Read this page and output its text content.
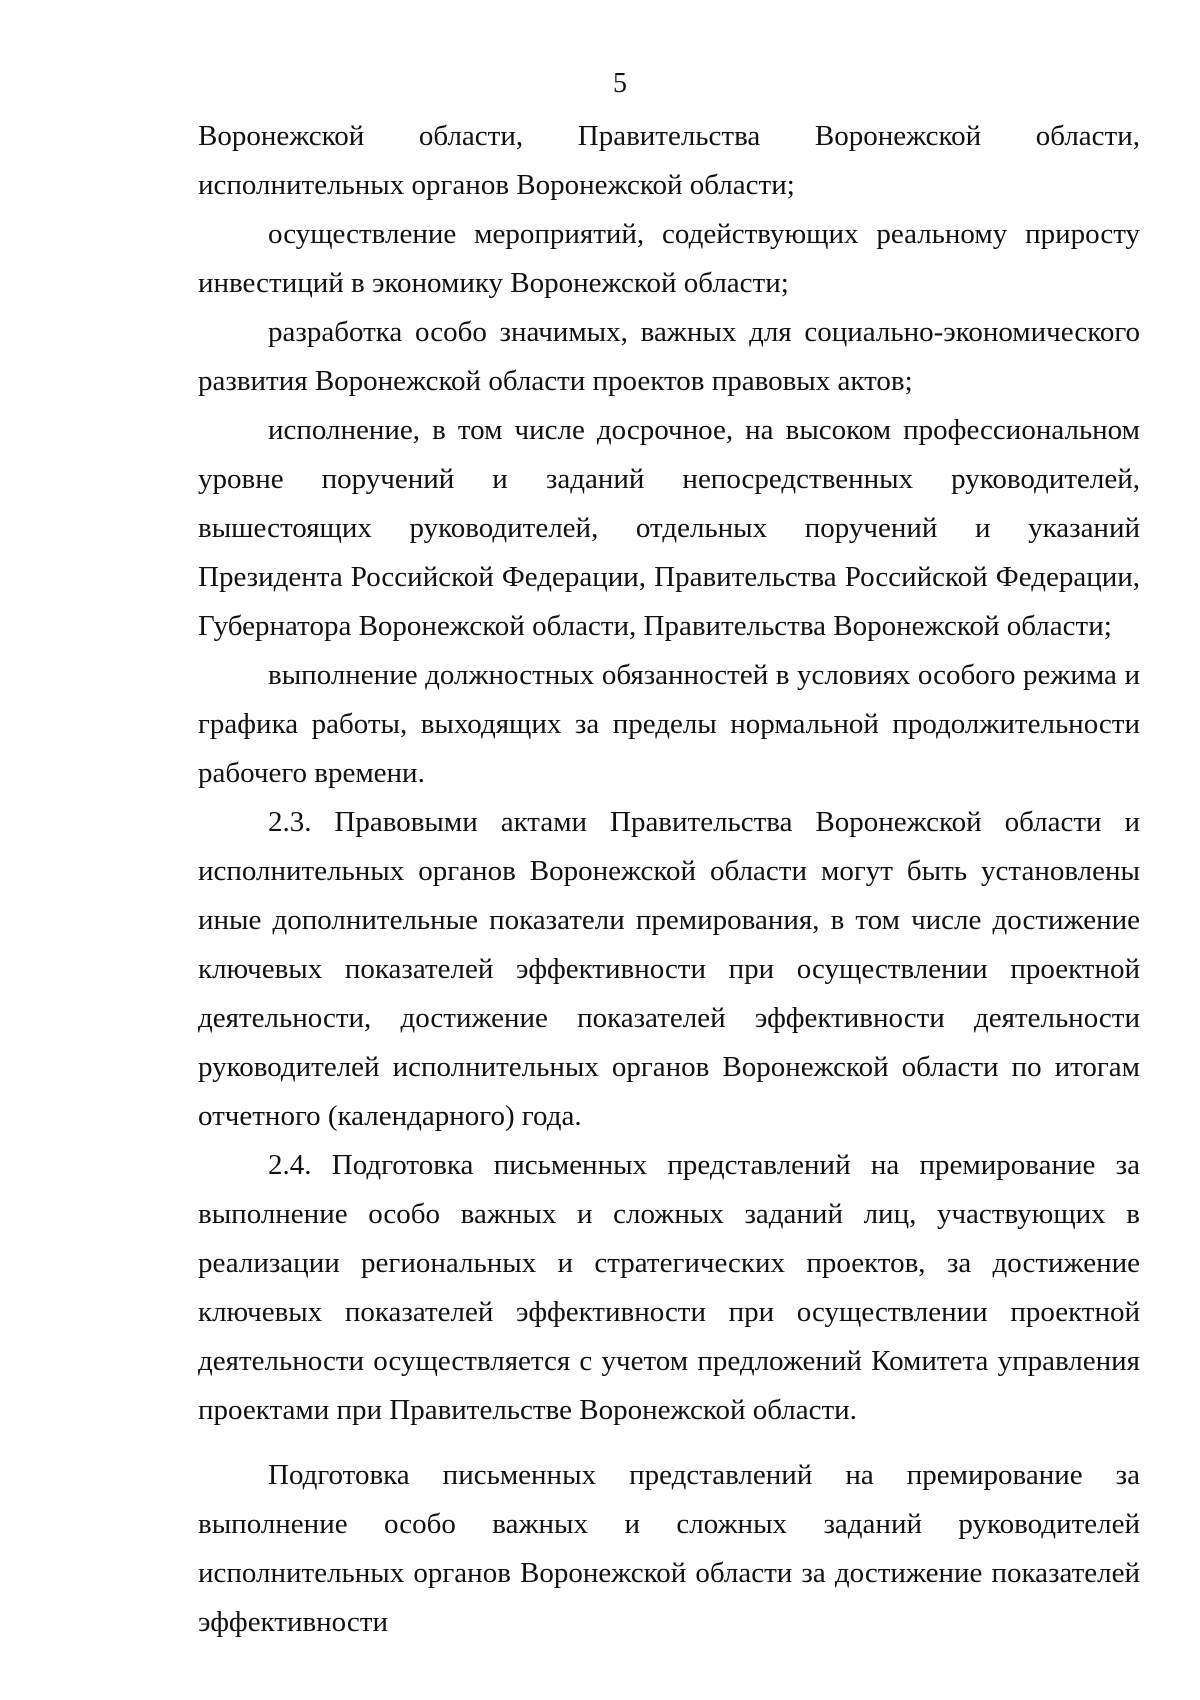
5

Воронежской области, Правительства Воронежской области, исполнительных органов Воронежской области;

осуществление мероприятий, содействующих реальному приросту инвестиций в экономику Воронежской области;

разработка особо значимых, важных для социально-экономического развития Воронежской области проектов правовых актов;

исполнение, в том числе досрочное, на высоком профессиональном уровне поручений и заданий непосредственных руководителей, вышестоящих руководителей, отдельных поручений и указаний Президента Российской Федерации, Правительства Российской Федерации, Губернатора Воронежской области, Правительства Воронежской области;

выполнение должностных обязанностей в условиях особого режима и графика работы, выходящих за пределы нормальной продолжительности рабочего времени.

2.3. Правовыми актами Правительства Воронежской области и исполнительных органов Воронежской области могут быть установлены иные дополнительные показатели премирования, в том числе достижение ключевых показателей эффективности при осуществлении проектной деятельности, достижение показателей эффективности деятельности руководителей исполнительных органов Воронежской области по итогам отчетного (календарного) года.

2.4. Подготовка письменных представлений на премирование за выполнение особо важных и сложных заданий лиц, участвующих в реализации региональных и стратегических проектов, за достижение ключевых показателей эффективности при осуществлении проектной деятельности осуществляется с учетом предложений Комитета управления проектами при Правительстве Воронежской области.

Подготовка письменных представлений на премирование за выполнение особо важных и сложных заданий руководителей исполнительных органов Воронежской области за достижение показателей эффективности
